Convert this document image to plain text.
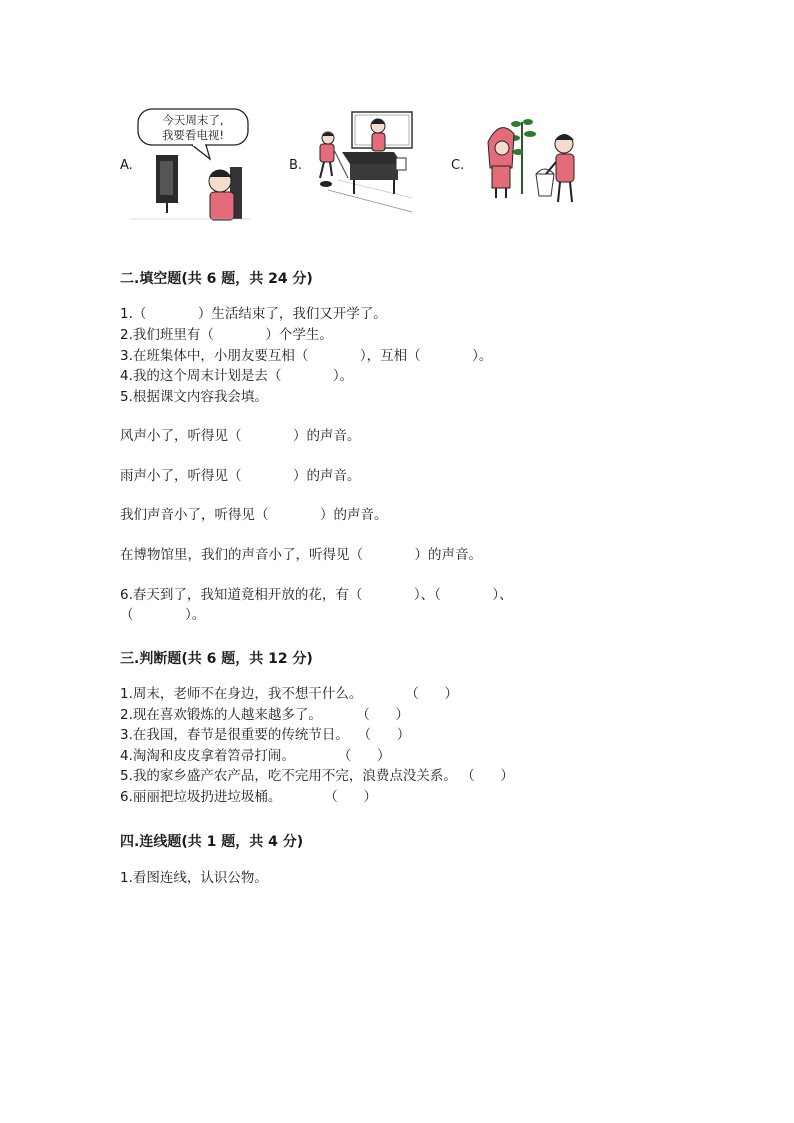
A.
今天周末了,
我要看电视!
B.	C.
二.填空题(共 6 题，共 24 分)
1.（            ）生活结束了，我们又开学了。
2.我们班里有（            ）个学生。
3.在班集体中，小朋友要互相（            ），互相（            ）。
4.我的这个周末计划是去（            ）。
5.根据课文内容我会填。
风声小了，听得见（            ）的声音。
雨声小了，听得见（            ）的声音。
我们声音小了，听得见（            ）的声音。
在博物馆里，我们的声音小了，听得见（            ）的声音。
6.春天到了，我知道竟相开放的花，有（            ）、（            ）、
（            ）。
三.判断题(共 6 题，共 12 分)
1.周末，老师不在身边，我不想干什么。          （      ）
2.现在喜欢锻炼的人越来越多了。        （      ）
3.在我国，春节是很重要的传统节日。  （      ）
4.淘淘和皮皮拿着笤帚打闹。          （      ）
5.我的家乡盛产农产品，吃不完用不完，浪费点没关系。 （      ）
6.丽丽把垃圾扔进垃圾桶。          （      ）
四.连线题(共 1 题，共 4 分)
1.看图连线，认识公物。
